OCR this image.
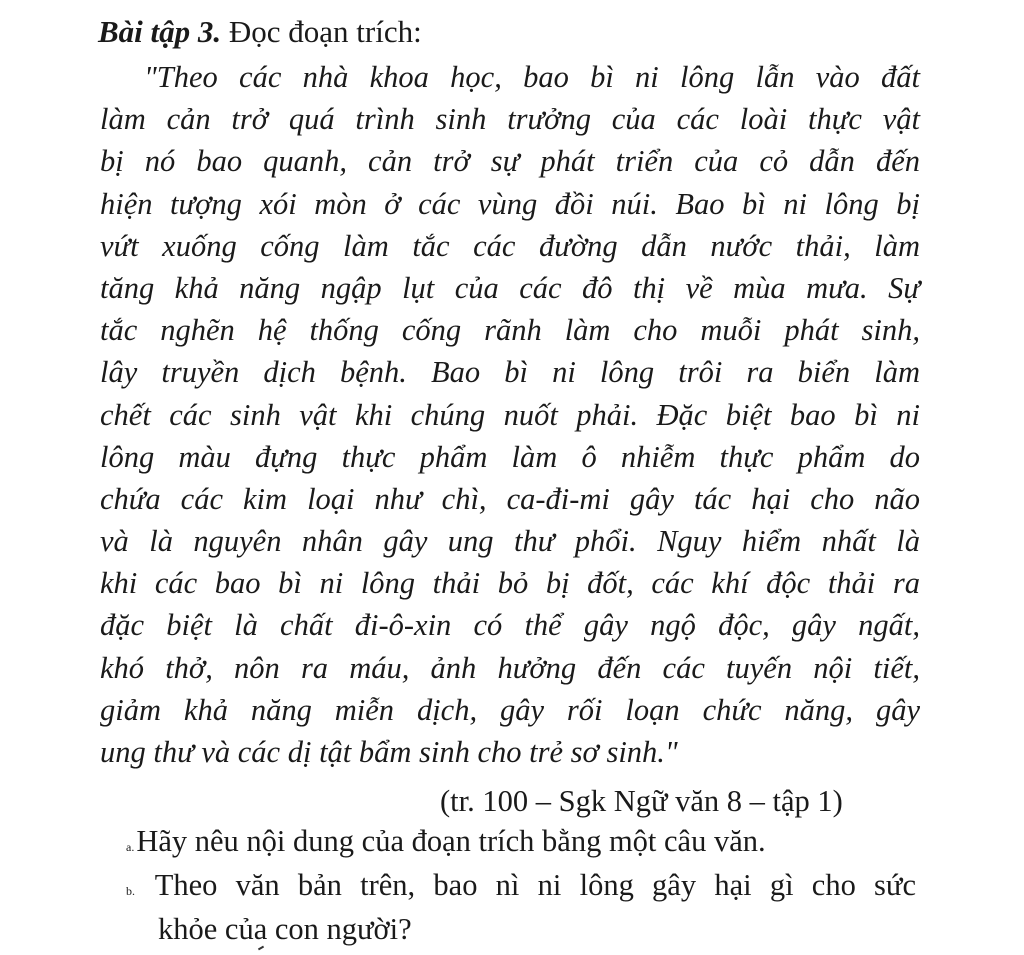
Bài tập 3. Đọc đoạn trích:
"Theo các nhà khoa học, bao bì ni lông lẫn vào đất
làm cản trở quá trình sinh trưởng của các loài thực vật
bị nó bao quanh, cản trở sự phát triển của cỏ dẫn đến
hiện tượng xói mòn ở các vùng đồi núi. Bao bì ni lông bị
vứt xuống cống làm tắc các đường dẫn nước thải, làm
tăng khả năng ngập lụt của các đô thị về mùa mưa. Sự
tắc nghẽn hệ thống cống rãnh làm cho muỗi phát sinh,
lây truyền dịch bệnh. Bao bì ni lông trôi ra biển làm
chết các sinh vật khi chúng nuốt phải. Đặc biệt bao bì ni
lông màu đựng thực phẩm làm ô nhiễm thực phẩm do
chứa các kim loại như chì, ca-đi-mi gây tác hại cho não
và là nguyên nhân gây ung thư phổi. Nguy hiểm nhất là
khi các bao bì ni lông thải bỏ bị đốt, các khí độc thải ra
đặc biệt là chất đi-ô-xin có thể gây ngộ độc, gây ngất,
khó thở, nôn ra máu, ảnh hưởng đến các tuyến nội tiết,
giảm khả năng miễn dịch, gây rối loạn chức năng, gây
ung thư và các dị tật bẩm sinh cho trẻ sơ sinh."
(tr. 100 – Sgk Ngữ văn 8 – tập 1)
a.Hãy nêu nội dung của đoạn trích bằng một câu văn.
b. Theo văn bản trên, bao nì ni lông gây hại gì cho sức
khỏe của con người?
